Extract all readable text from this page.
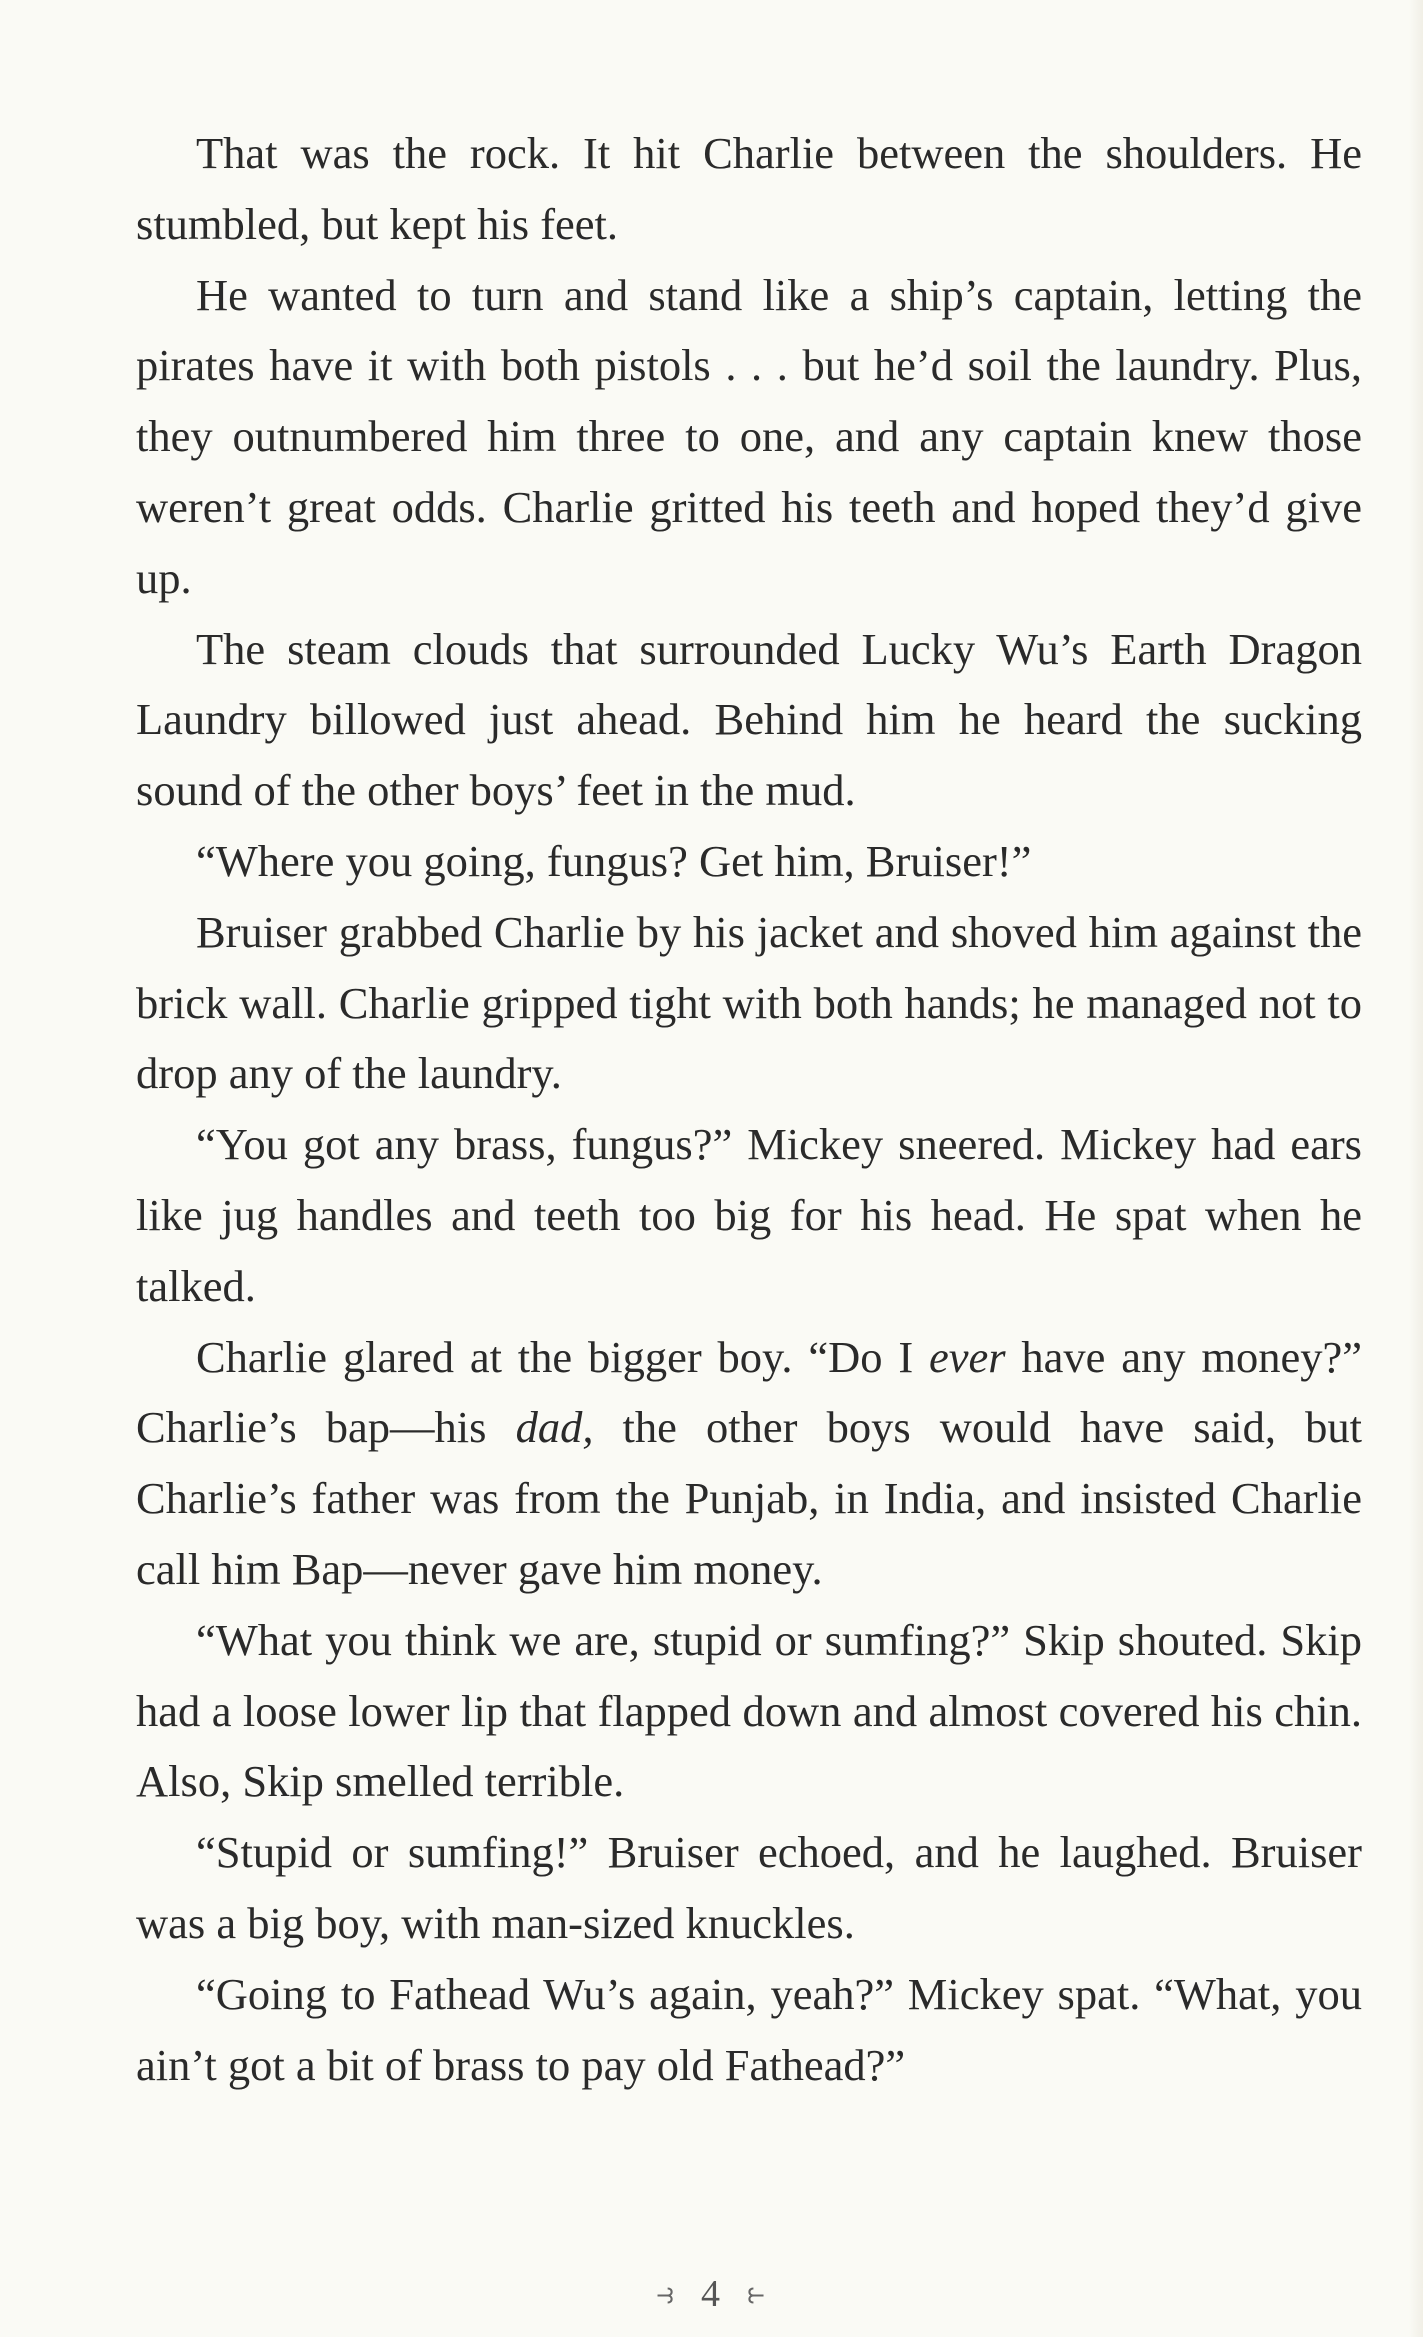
That was the rock. It hit Charlie between the shoulders. He stumbled, but kept his feet.

He wanted to turn and stand like a ship’s captain, letting the pirates have it with both pistols . . . but he’d soil the laundry. Plus, they outnumbered him three to one, and any captain knew those weren’t great odds. Charlie gritted his teeth and hoped they’d give up.

The steam clouds that surrounded Lucky Wu’s Earth Dragon Laundry billowed just ahead. Behind him he heard the sucking sound of the other boys’ feet in the mud.

“Where you going, fungus? Get him, Bruiser!”

Bruiser grabbed Charlie by his jacket and shoved him against the brick wall. Charlie gripped tight with both hands; he managed not to drop any of the laundry.

“You got any brass, fungus?” Mickey sneered. Mickey had ears like jug handles and teeth too big for his head. He spat when he talked.

Charlie glared at the bigger boy. “Do I ever have any money?” Charlie’s bap—his dad, the other boys would have said, but Charlie’s father was from the Punjab, in India, and insisted Charlie call him Bap—never gave him money.

“What you think we are, stupid or sumfing?” Skip shouted. Skip had a loose lower lip that flapped down and almost covered his chin. Also, Skip smelled terrible.

“Stupid or sumfing!” Bruiser echoed, and he laughed. Bruiser was a big boy, with man-sized knuckles.

“Going to Fathead Wu’s again, yeah?” Mickey spat. “What, you ain’t got a bit of brass to pay old Fathead?”

⥽ 4 ⥼
